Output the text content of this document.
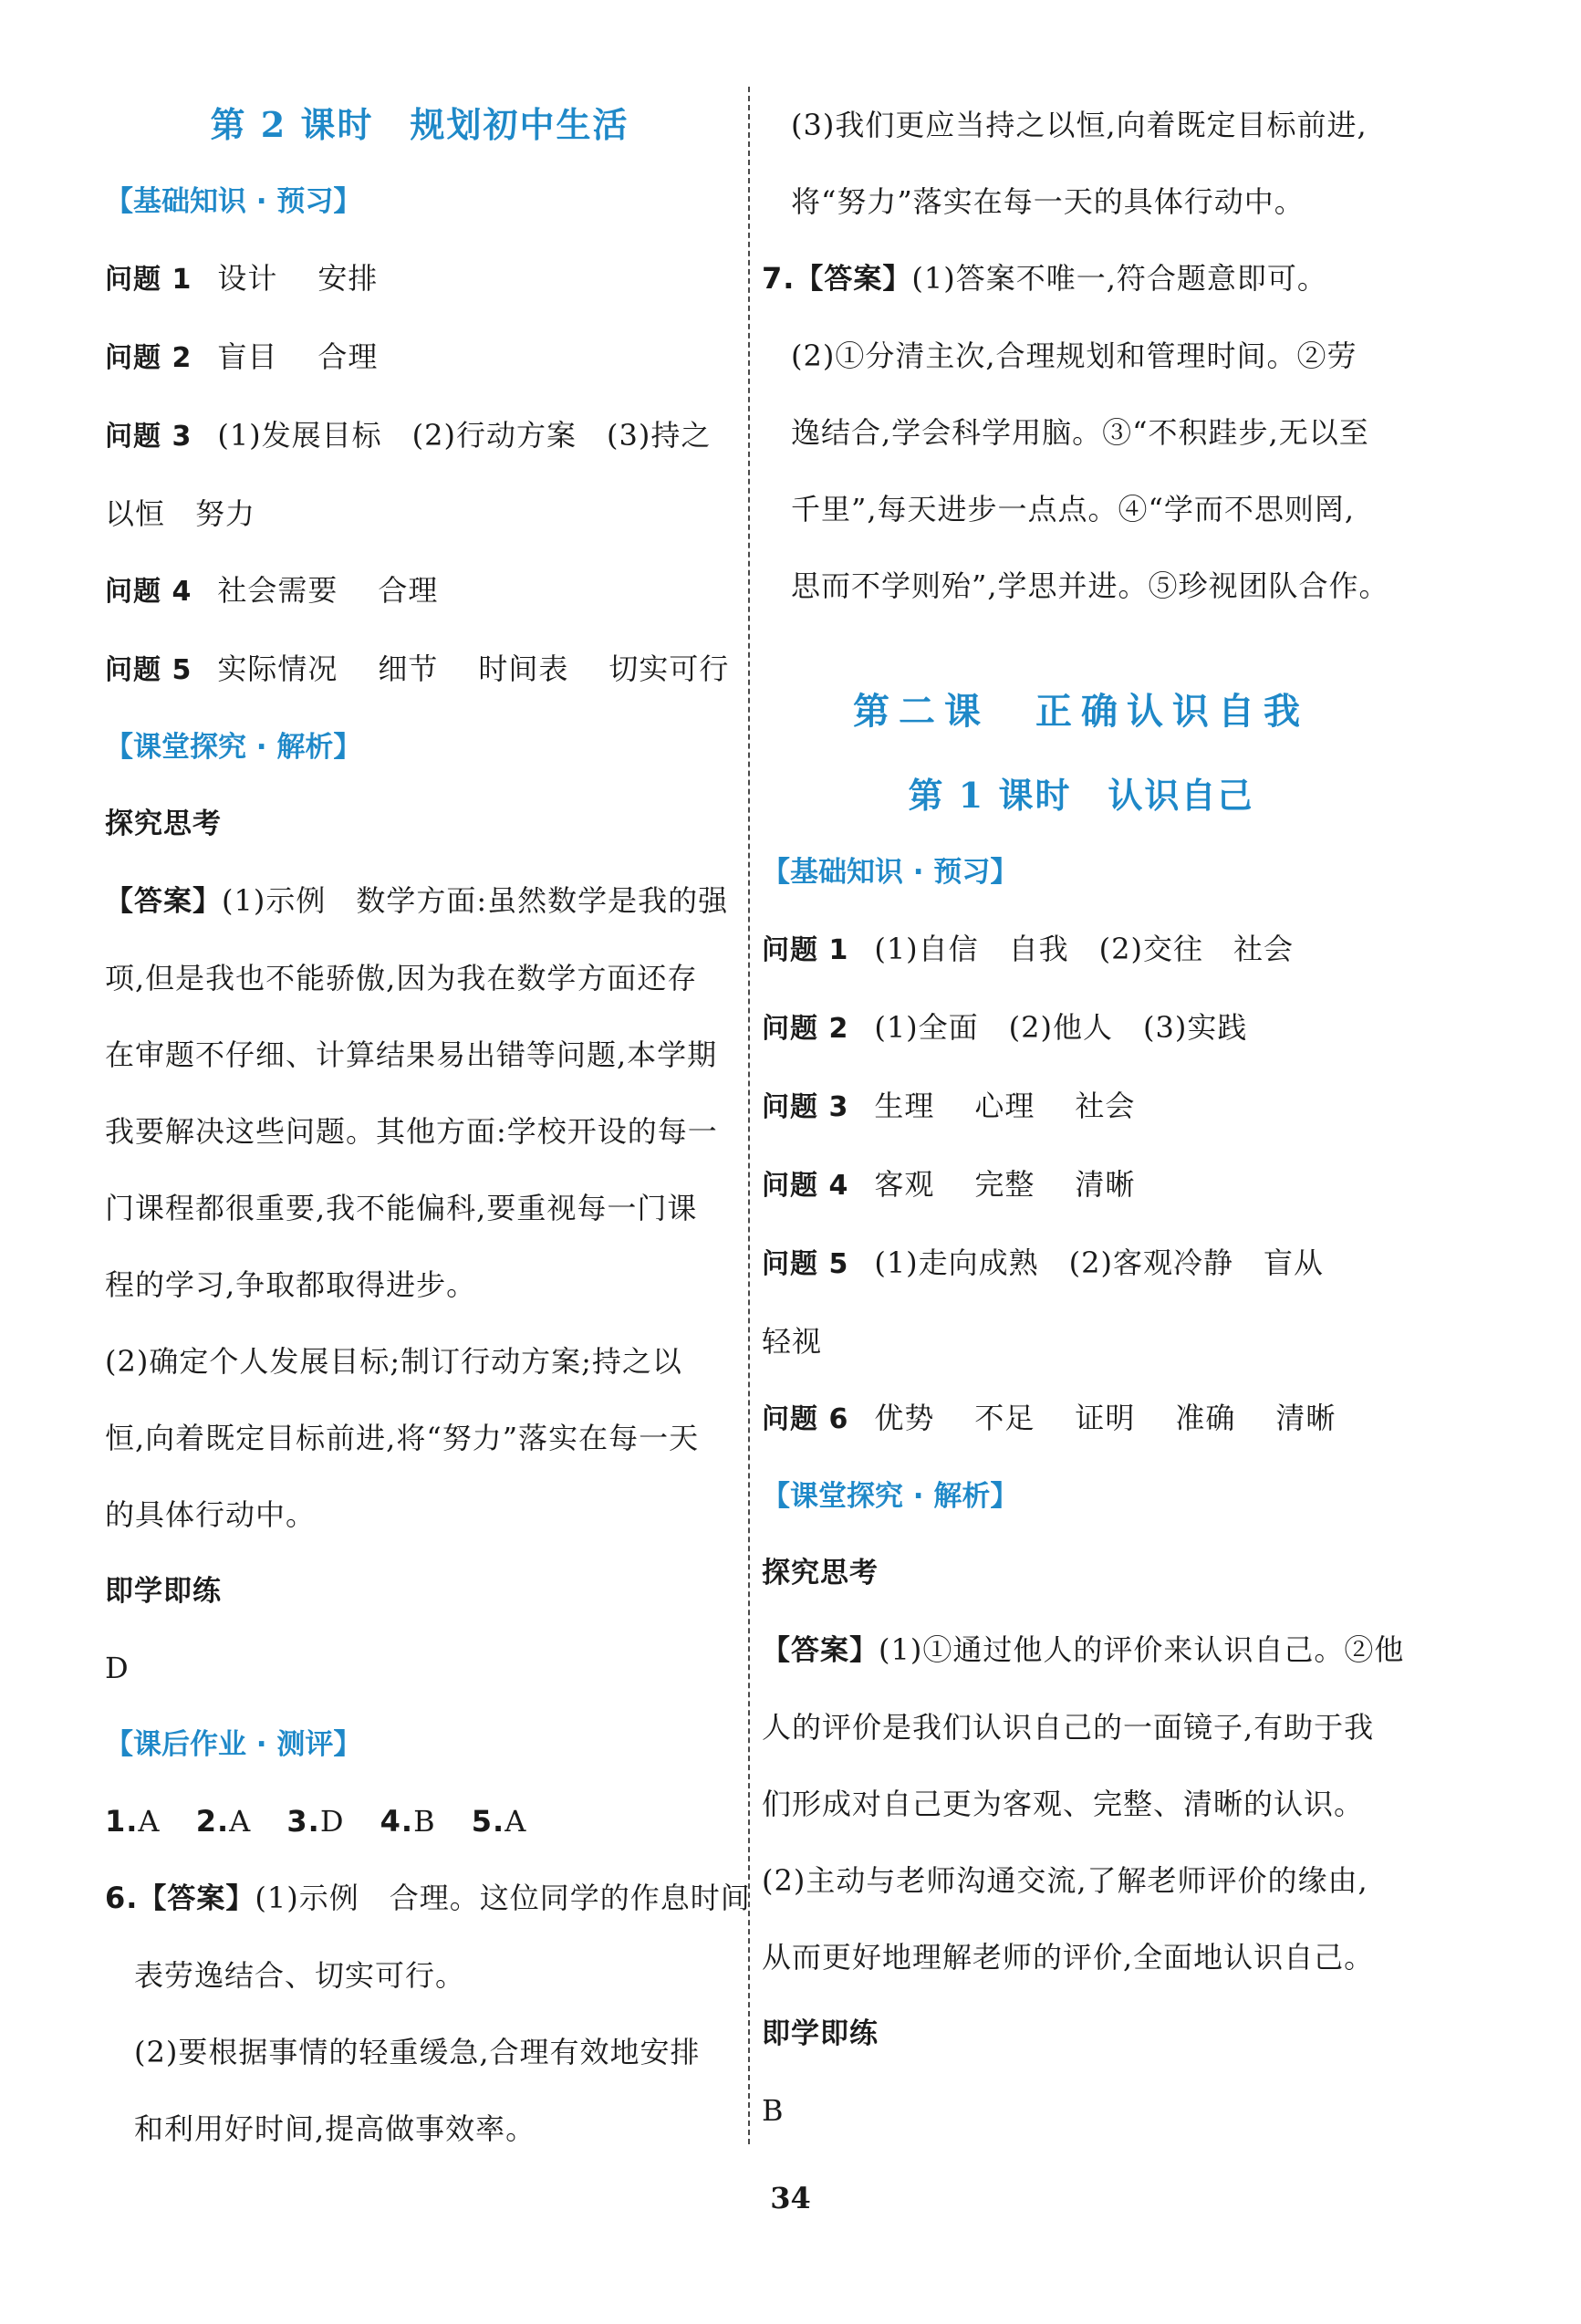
第 2 课时　规划初中生活
【基础知识 · 预习】
问题 1 设计 安排
问题 2 盲目 合理
问题 3 (1)发展目标　(2)行动方案　(3)持之
以恒　努力
问题 4 社会需要 合理
问题 5 实际情况 细节 时间表 切实可行
【课堂探究 · 解析】
探究思考
【答案】(1)示例　数学方面:虽然数学是我的强
项,但是我也不能骄傲,因为我在数学方面还存
在审题不仔细、计算结果易出错等问题,本学期
我要解决这些问题。其他方面:学校开设的每一
门课程都很重要,我不能偏科,要重视每一门课
程的学习,争取都取得进步。
(2)确定个人发展目标;制订行动方案;持之以
恒,向着既定目标前进,将“努力”落实在每一天
的具体行动中。
即学即练
D
【课后作业 · 测评】
1.A 2.A 3.D 4.B 5.A
6.【答案】(1)示例　合理。这位同学的作息时间
表劳逸结合、切实可行。
(2)要根据事情的轻重缓急,合理有效地安排
和利用好时间,提高做事效率。
(3)我们更应当持之以恒,向着既定目标前进,
将“努力”落实在每一天的具体行动中。
7.【答案】(1)答案不唯一,符合题意即可。
(2)①分清主次,合理规划和管理时间。②劳
逸结合,学会科学用脑。③“不积跬步,无以至
千里”,每天进步一点点。④“学而不思则罔,
思而不学则殆”,学思并进。⑤珍视团队合作。
第二课　正确认识自我
第 1 课时　认识自己
【基础知识 · 预习】
问题 1 (1)自信　自我　(2)交往　社会
问题 2 (1)全面　(2)他人　(3)实践
问题 3 生理 心理 社会
问题 4 客观 完整 清晰
问题 5 (1)走向成熟　(2)客观冷静　盲从
轻视
问题 6 优势 不足 证明 准确 清晰
【课堂探究 · 解析】
探究思考
【答案】(1)①通过他人的评价来认识自己。②他
人的评价是我们认识自己的一面镜子,有助于我
们形成对自己更为客观、完整、清晰的认识。
(2)主动与老师沟通交流,了解老师评价的缘由,
从而更好地理解老师的评价,全面地认识自己。
即学即练
B
34
